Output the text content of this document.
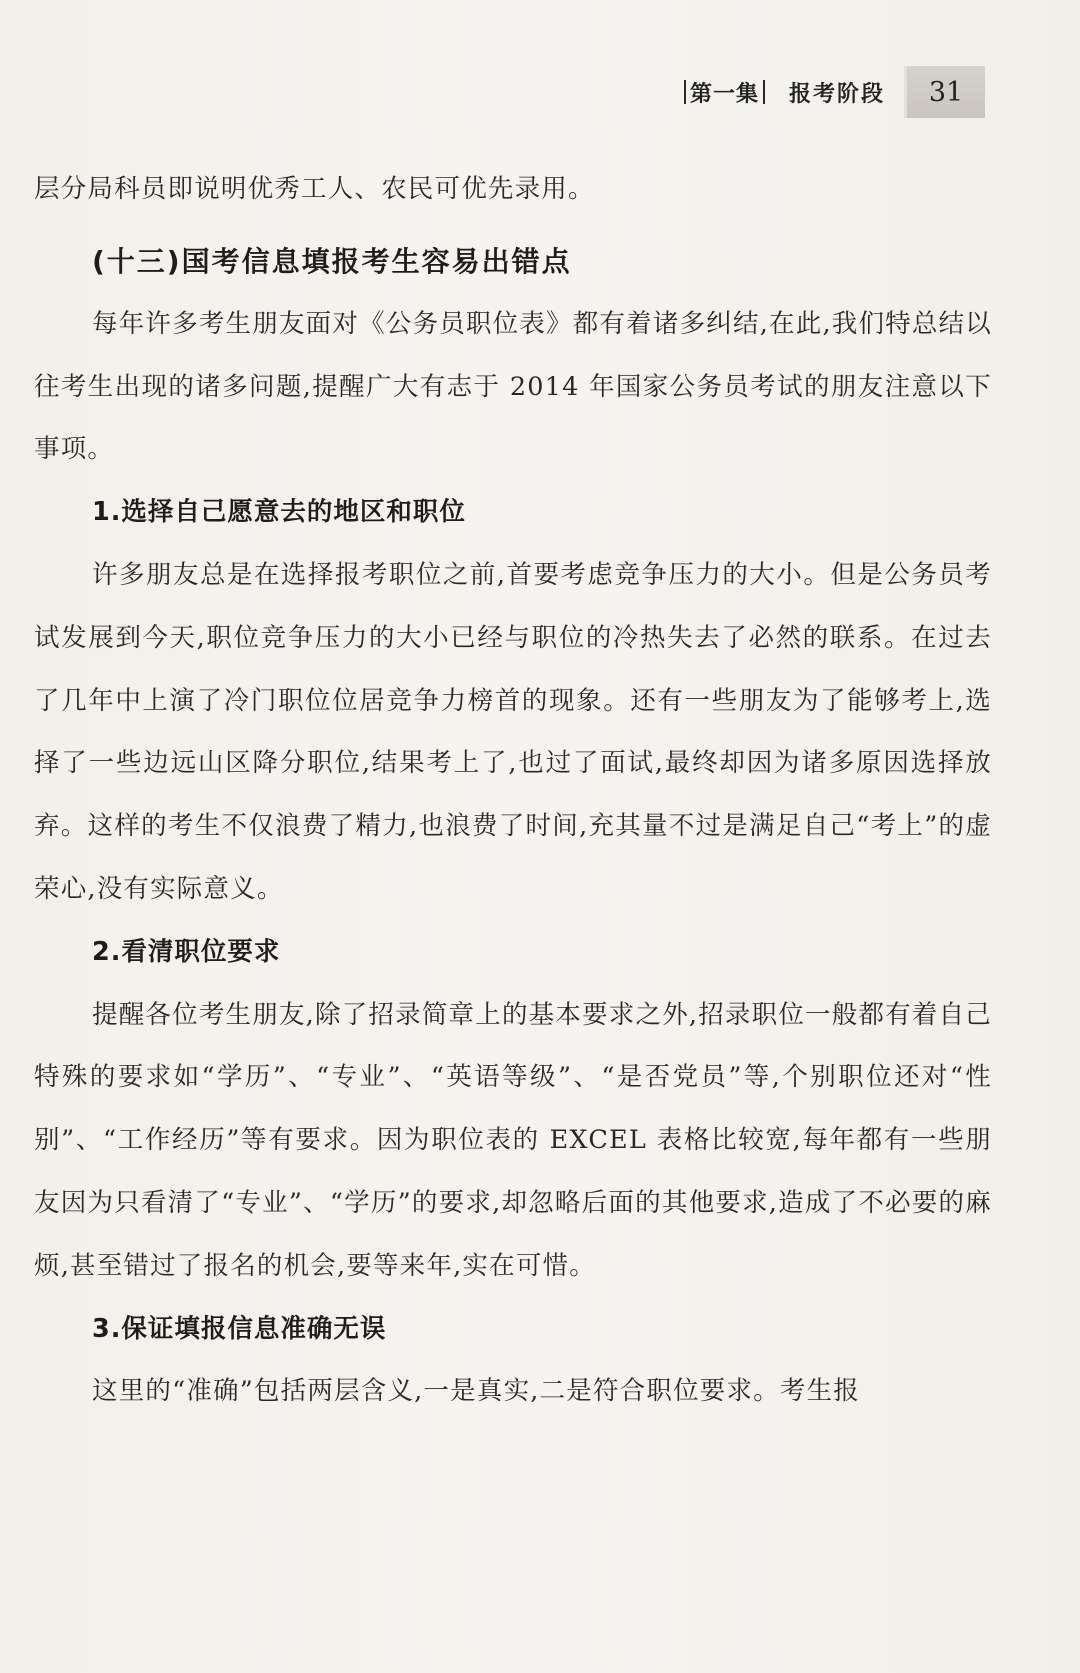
第一集 报考阶段	31

层分局科员即说明优秀工人、农民可优先录用。

(十三)国考信息填报考生容易出错点

每年许多考生朋友面对《公务员职位表》都有着诸多纠结,在此,我们特总结以往考生出现的诸多问题,提醒广大有志于 2014 年国家公务员考试的朋友注意以下事项。

1.选择自己愿意去的地区和职位

许多朋友总是在选择报考职位之前,首要考虑竞争压力的大小。但是公务员考试发展到今天,职位竞争压力的大小已经与职位的冷热失去了必然的联系。在过去了几年中上演了冷门职位位居竞争力榜首的现象。还有一些朋友为了能够考上,选择了一些边远山区降分职位,结果考上了,也过了面试,最终却因为诸多原因选择放弃。这样的考生不仅浪费了精力,也浪费了时间,充其量不过是满足自己“考上”的虚荣心,没有实际意义。

2.看清职位要求

提醒各位考生朋友,除了招录简章上的基本要求之外,招录职位一般都有着自己特殊的要求如“学历”、“专业”、“英语等级”、“是否党员”等,个别职位还对“性别”、“工作经历”等有要求。因为职位表的 EXCEL 表格比较宽,每年都有一些朋友因为只看清了“专业”、“学历”的要求,却忽略后面的其他要求,造成了不必要的麻烦,甚至错过了报名的机会,要等来年,实在可惜。

3.保证填报信息准确无误

这里的“准确”包括两层含义,一是真实,二是符合职位要求。考生报
